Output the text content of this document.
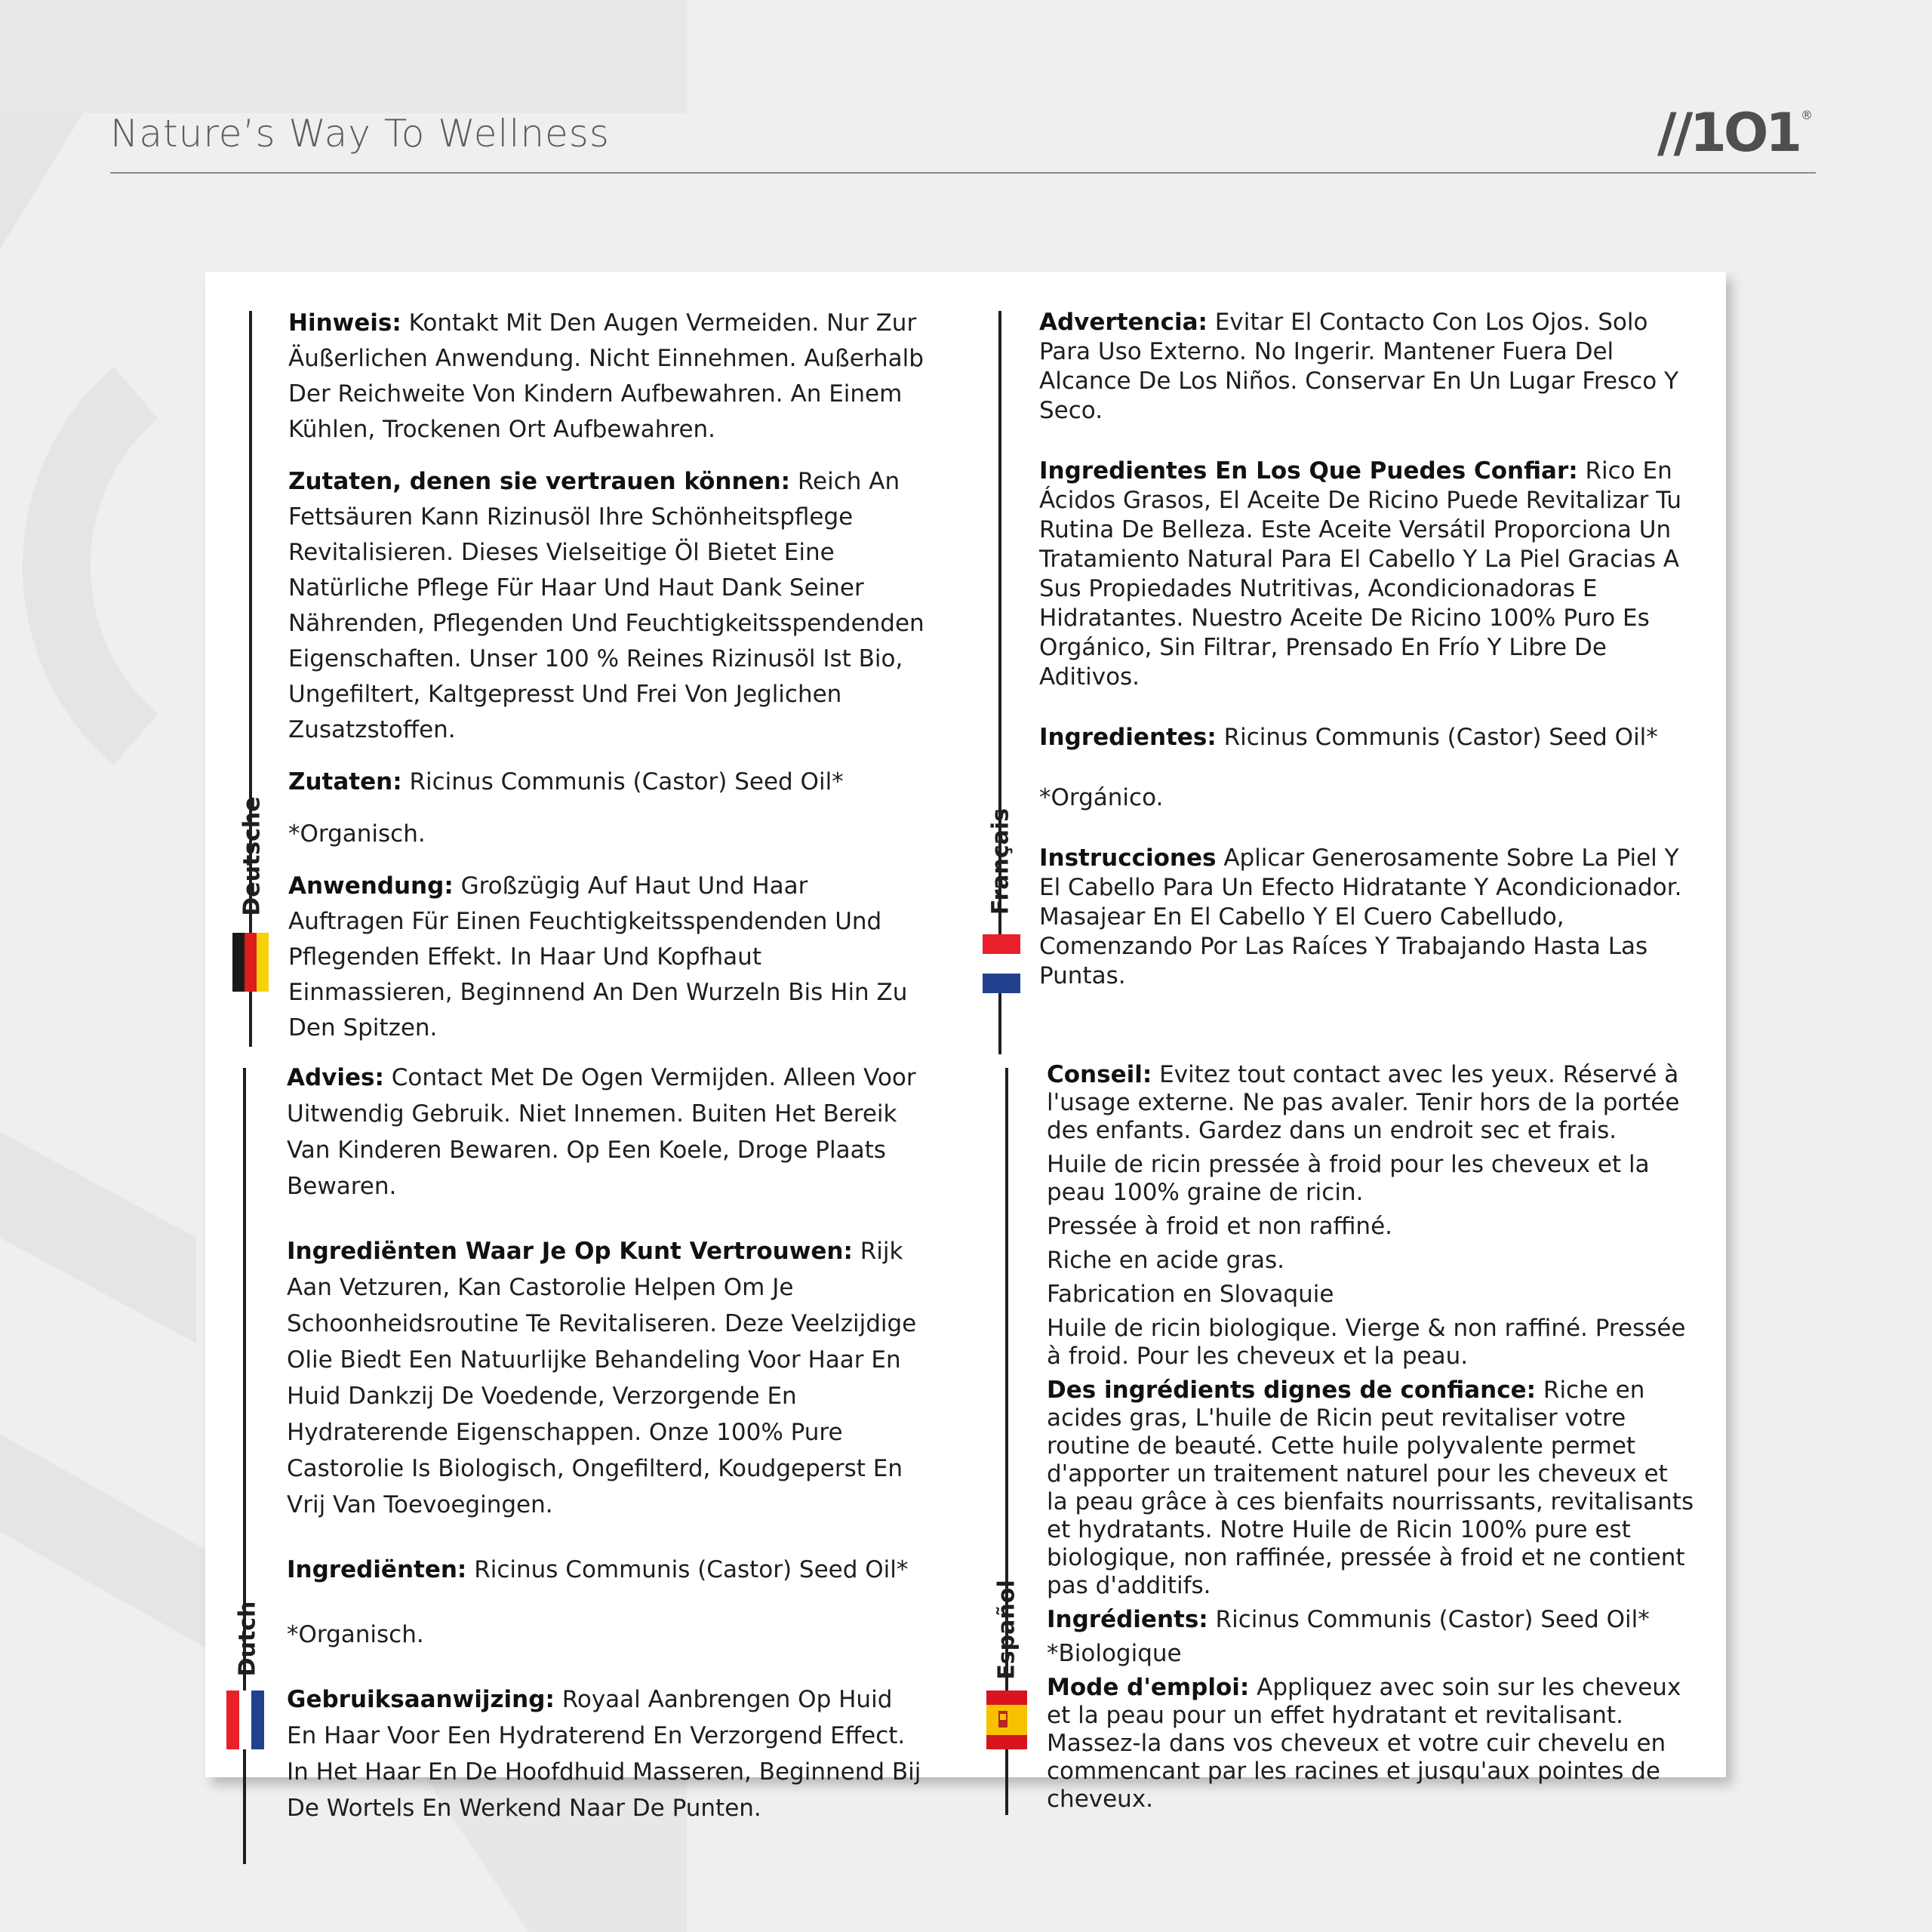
Nature’s Way To Wellness	//1O1 ®
Deutsche

Hinweis: Kontakt Mit Den Augen Vermeiden. Nur Zur Äußerlichen Anwendung. Nicht Einnehmen. Außerhalb Der Reichweite Von Kindern Aufbewahren. An Einem Kühlen, Trockenen Ort Aufbewahren.

Zutaten, denen sie vertrauen können: Reich An Fettsäuren Kann Rizinusöl Ihre Schönheitspflege Revitalisieren. Dieses Vielseitige Öl Bietet Eine Natürliche Pflege Für Haar Und Haut Dank Seiner Nährenden, Pflegenden Und Feuchtigkeitsspendenden Eigenschaften. Unser 100 % Reines Rizinusöl Ist Bio, Ungefiltert, Kaltgepresst Und Frei Von Jeglichen Zusatzstoffen.

Zutaten: Ricinus Communis (Castor) Seed Oil*

*Organisch.

Anwendung: Großzügig Auf Haut Und Haar Auftragen Für Einen Feuchtigkeitsspendenden Und Pflegenden Effekt. In Haar Und Kopfhaut Einmassieren, Beginnend An Den Wurzeln Bis Hin Zu Den Spitzen.

Français

Advertencia: Evitar El Contacto Con Los Ojos. Solo Para Uso Externo. No Ingerir. Mantener Fuera Del Alcance De Los Niños. Conservar En Un Lugar Fresco Y Seco.

Ingredientes En Los Que Puedes Confiar: Rico En Ácidos Grasos, El Aceite De Ricino Puede Revitalizar Tu Rutina De Belleza. Este Aceite Versátil Proporciona Un Tratamiento Natural Para El Cabello Y La Piel Gracias A Sus Propiedades Nutritivas, Acondicionadoras E Hidratantes. Nuestro Aceite De Ricino 100% Puro Es Orgánico, Sin Filtrar, Prensado En Frío Y Libre De Aditivos.

Ingredientes: Ricinus Communis (Castor) Seed Oil*

*Orgánico.

Instrucciones Aplicar Generosamente Sobre La Piel Y El Cabello Para Un Efecto Hidratante Y Acondicionador. Masajear En El Cabello Y El Cuero Cabelludo, Comenzando Por Las Raíces Y Trabajando Hasta Las Puntas.

Dutch

Advies: Contact Met De Ogen Vermijden. Alleen Voor Uitwendig Gebruik. Niet Innemen. Buiten Het Bereik Van Kinderen Bewaren. Op Een Koele, Droge Plaats Bewaren.

Ingrediënten Waar Je Op Kunt Vertrouwen: Rijk Aan Vetzuren, Kan Castorolie Helpen Om Je Schoonheidsroutine Te Revitaliseren. Deze Veelzijdige Olie Biedt Een Natuurlijke Behandeling Voor Haar En Huid Dankzij De Voedende, Verzorgende En Hydraterende Eigenschappen. Onze 100% Pure Castorolie Is Biologisch, Ongefilterd, Koudgeperst En Vrij Van Toevoegingen.

Ingrediënten: Ricinus Communis (Castor) Seed Oil*

*Organisch.

Gebruiksaanwijzing: Royaal Aanbrengen Op Huid En Haar Voor Een Hydraterend En Verzorgend Effect. In Het Haar En De Hoofdhuid Masseren, Beginnend Bij De Wortels En Werkend Naar De Punten.

Español

Conseil: Evitez tout contact avec les yeux. Réservé à l'usage externe. Ne pas avaler. Tenir hors de la portée des enfants. Gardez dans un endroit sec et frais.

Huile de ricin pressée à froid pour les cheveux et la peau 100% graine de ricin.

Pressée à froid et non raffiné.

Riche en acide gras.

Fabrication en Slovaquie

Huile de ricin biologique. Vierge & non raffiné. Pressée à froid. Pour les cheveux et la peau.

Des ingrédients dignes de confiance: Riche en acides gras, L'huile de Ricin peut revitaliser votre routine de beauté. Cette huile polyvalente permet d'apporter un traitement naturel pour les cheveux et la peau grâce à ces bienfaits nourrissants, revitalisants et hydratants. Notre Huile de Ricin 100% pure est biologique, non raffinée, pressée à froid et ne contient pas d'additifs.

Ingrédients: Ricinus Communis (Castor) Seed Oil*

*Biologique

Mode d'emploi: Appliquez avec soin sur les cheveux et la peau pour un effet hydratant et revitalisant. Massez-la dans vos cheveux et votre cuir chevelu en commencant par les racines et jusqu'aux pointes de cheveux.
